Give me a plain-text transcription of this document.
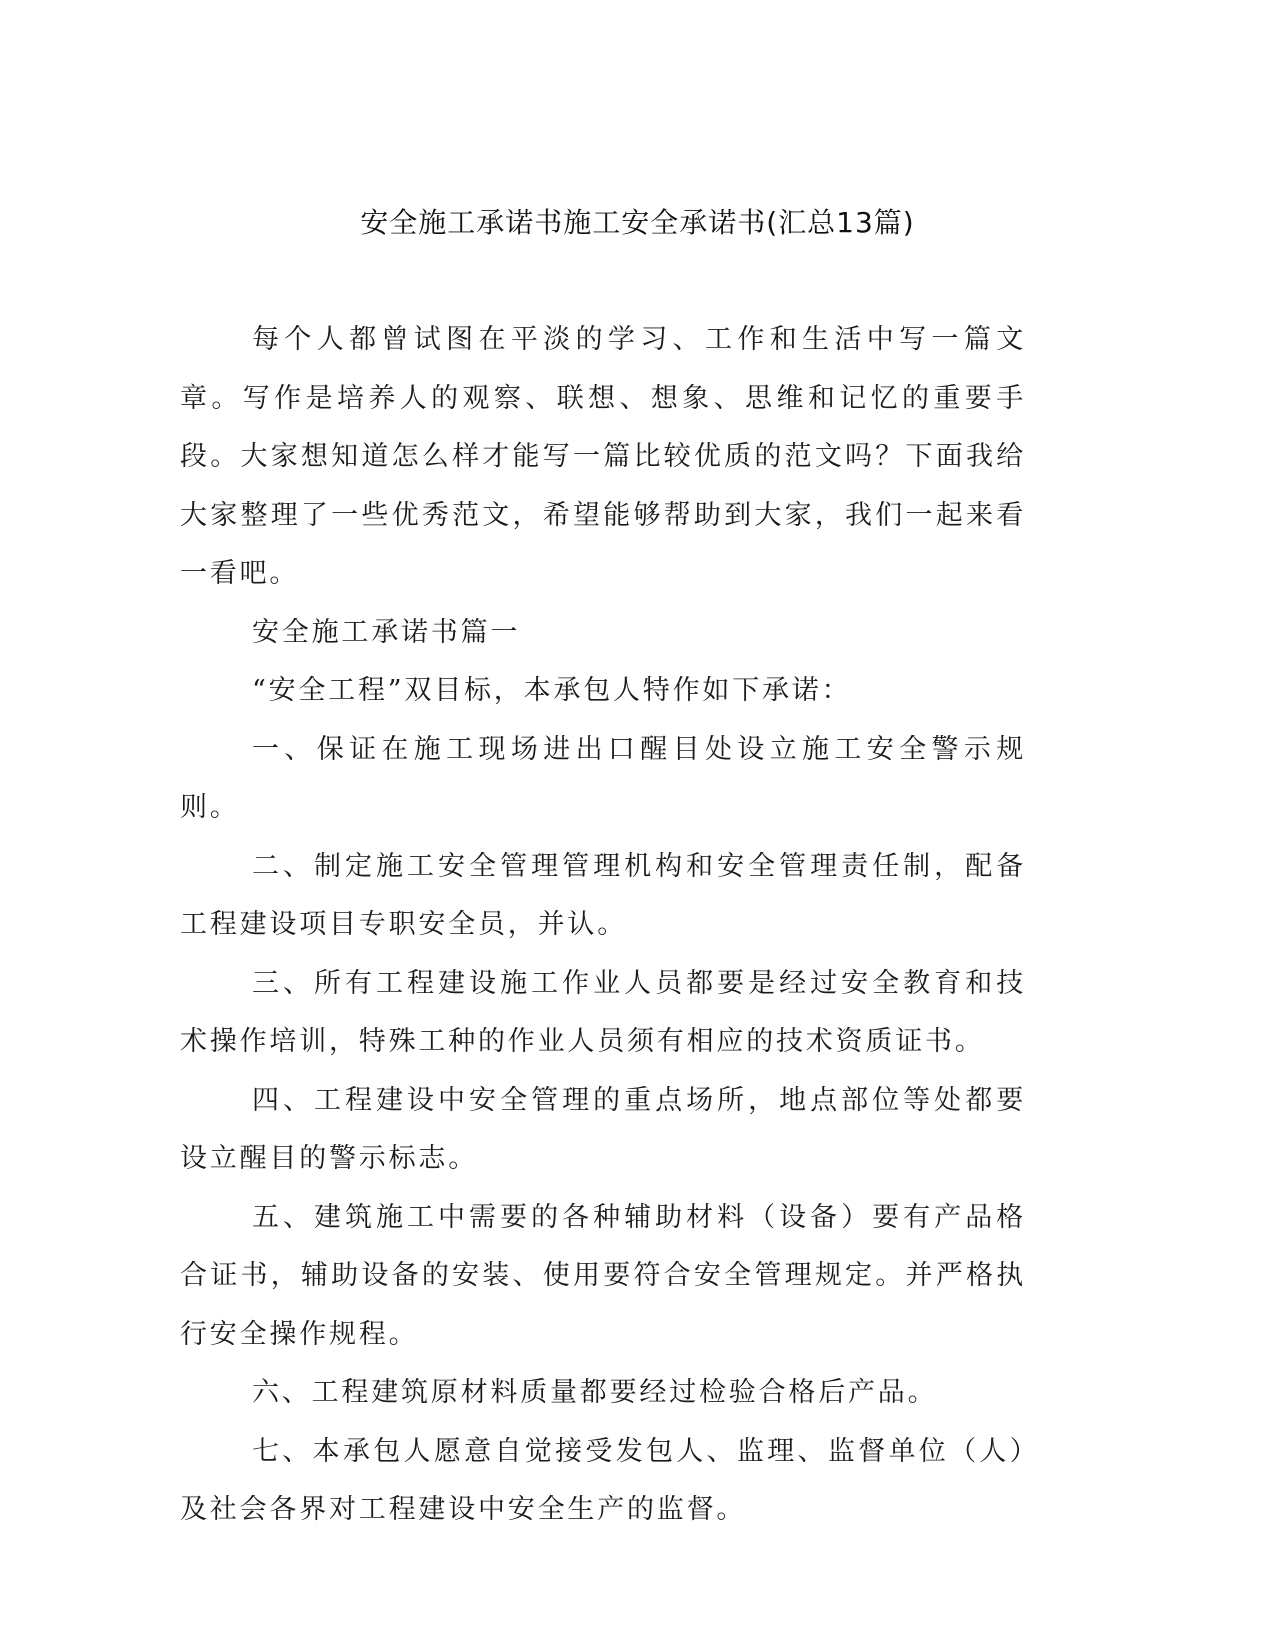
安全施工承诺书施工安全承诺书(汇总13篇)

每个人都曾试图在平淡的学习、工作和生活中写一篇文章。写作是培养人的观察、联想、想象、思维和记忆的重要手段。大家想知道怎么样才能写一篇比较优质的范文吗？下面我给大家整理了一些优秀范文，希望能够帮助到大家，我们一起来看一看吧。

安全施工承诺书篇一

“安全工程”双目标，本承包人特作如下承诺：

一、保证在施工现场进出口醒目处设立施工安全警示规则。

二、制定施工安全管理管理机构和安全管理责任制，配备工程建设项目专职安全员，并认。

三、所有工程建设施工作业人员都要是经过安全教育和技术操作培训，特殊工种的作业人员须有相应的技术资质证书。

四、工程建设中安全管理的重点场所，地点部位等处都要设立醒目的警示标志。

五、建筑施工中需要的各种辅助材料（设备）要有产品格合证书，辅助设备的安装、使用要符合安全管理规定。并严格执行安全操作规程。

六、工程建筑原材料质量都要经过检验合格后产品。

七、本承包人愿意自觉接受发包人、监理、监督单位（人）及社会各界对工程建设中安全生产的监督。
